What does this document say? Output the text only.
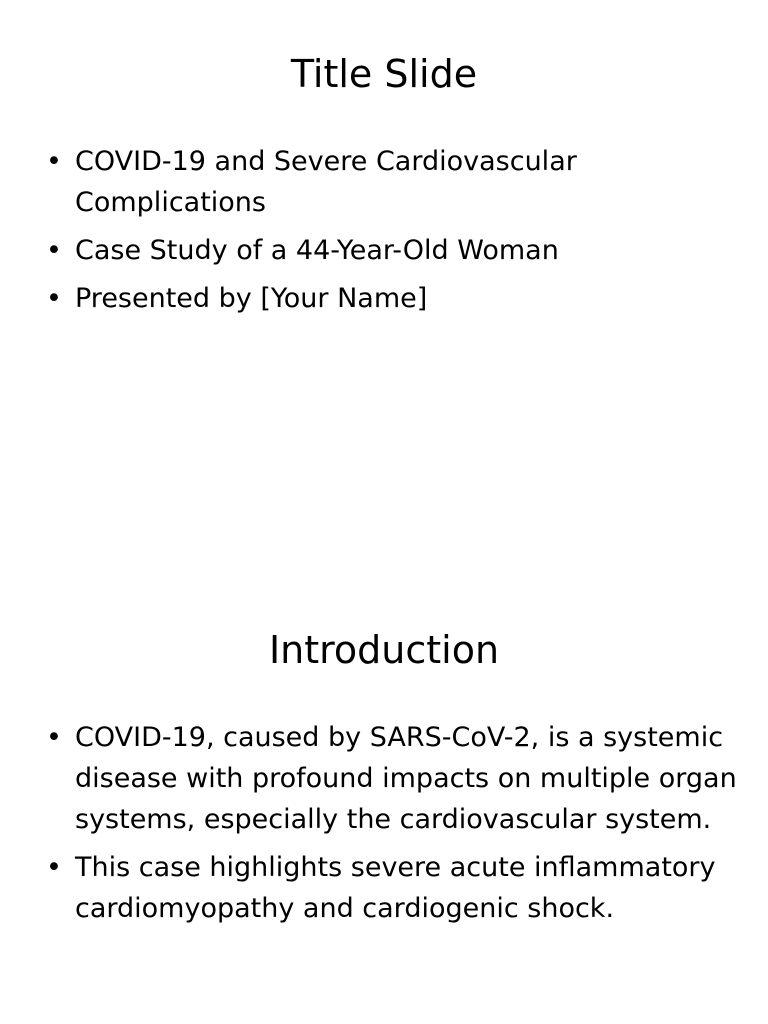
Title Slide
• COVID-19 and Severe Cardiovascular Complications
• Case Study of a 44-Year-Old Woman
• Presented by [Your Name]
Introduction
• COVID-19, caused by SARS-CoV-2, is a systemic disease with profound impacts on multiple organ systems, especially the cardiovascular system.
• This case highlights severe acute inflammatory cardiomyopathy and cardiogenic shock.
